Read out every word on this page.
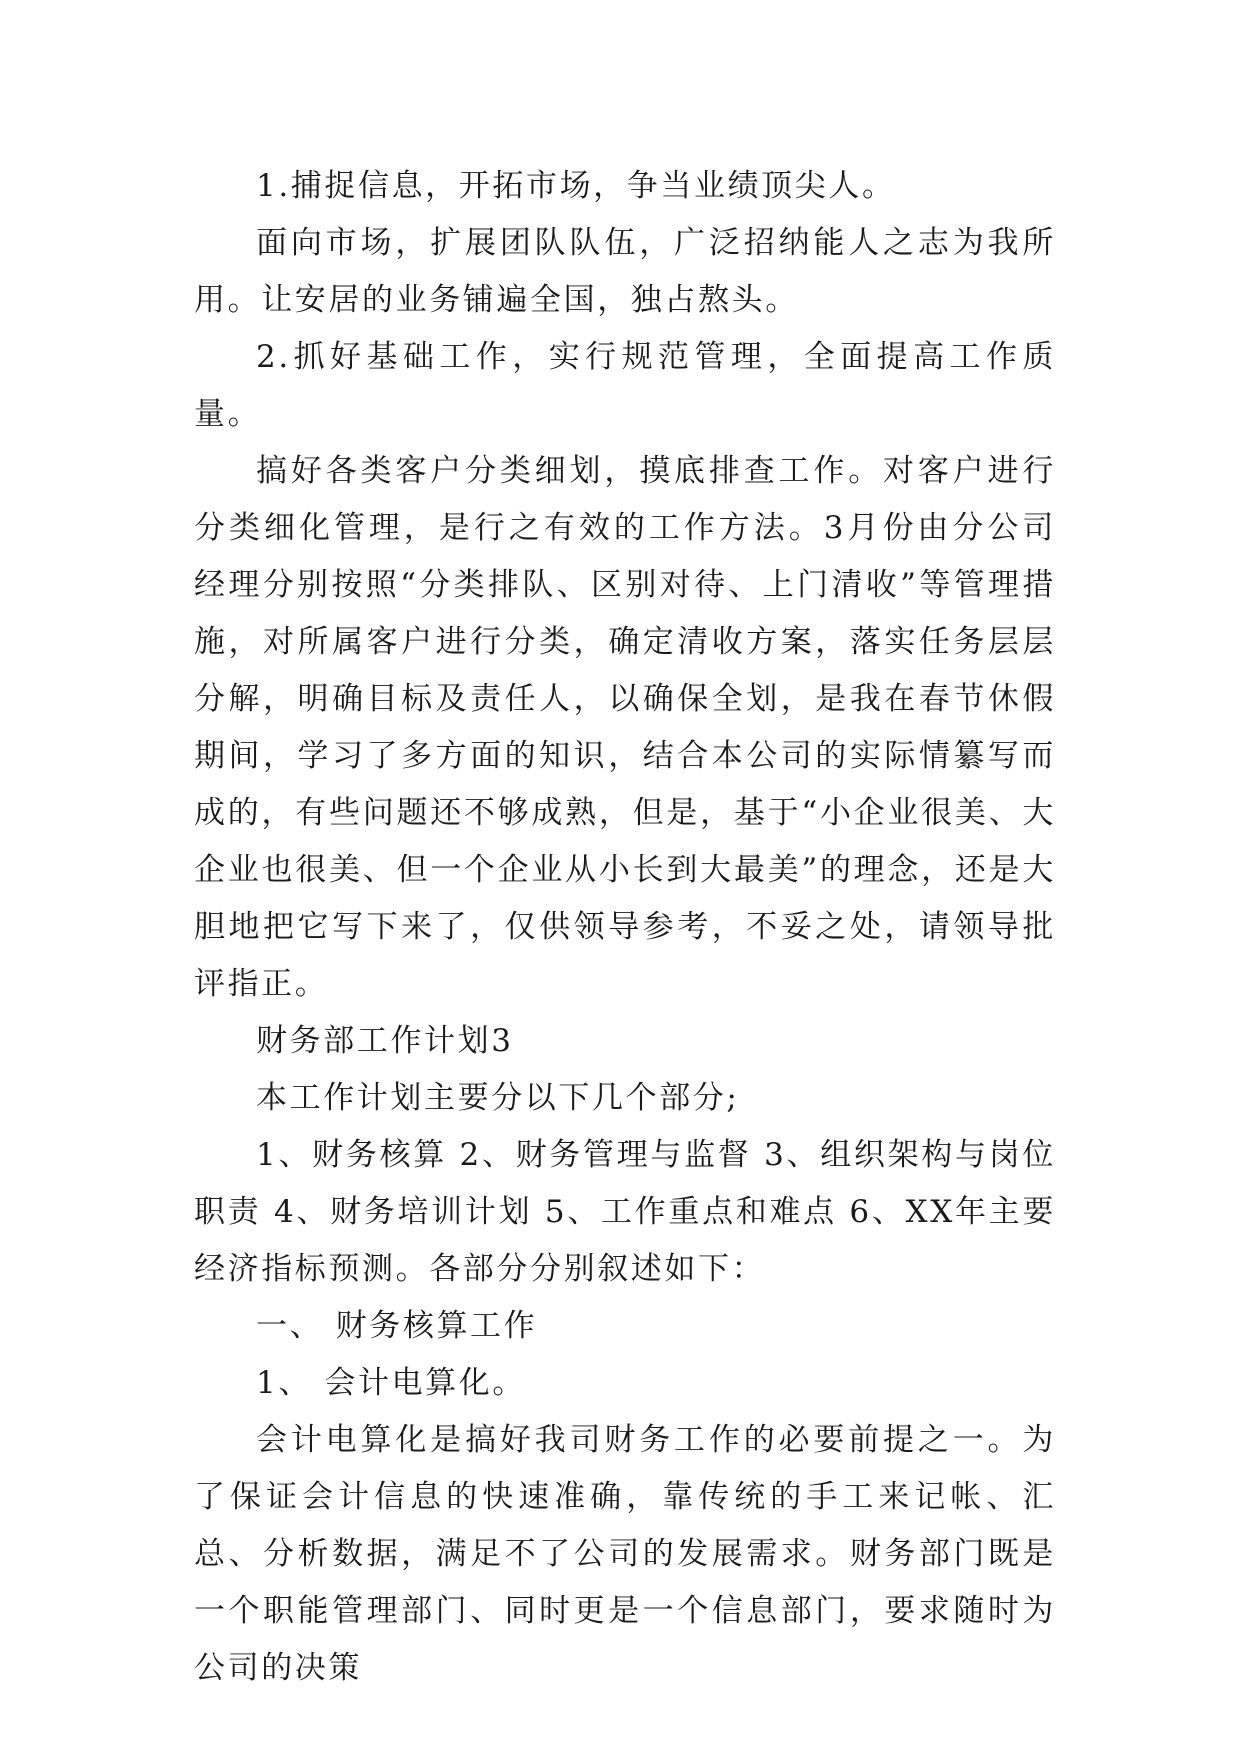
1.捕捉信息，开拓市场，争当业绩顶尖人。

面向市场，扩展团队队伍，广泛招纳能人之志为我所用。让安居的业务铺遍全国，独占熬头。

2.抓好基础工作，实行规范管理，全面提高工作质量。

搞好各类客户分类细划，摸底排查工作。对客户进行分类细化管理，是行之有效的工作方法。3月份由分公司经理分别按照“分类排队、区别对待、上门清收”等管理措施，对所属客户进行分类，确定清收方案，落实任务层层分解，明确目标及责任人，以确保全划，是我在春节休假期间，学习了多方面的知识，结合本公司的实际情纂写而成的，有些问题还不够成熟，但是，基于“小企业很美、大企业也很美、但一个企业从小长到大最美”的理念，还是大胆地把它写下来了，仅供领导参考，不妥之处，请领导批评指正。

财务部工作计划3

本工作计划主要分以下几个部分;

1、财务核算 2、财务管理与监督 3、组织架构与岗位职责 4、财务培训计划 5、工作重点和难点 6、XX年主要经济指标预测。各部分分别叙述如下：

一、 财务核算工作

1、 会计电算化。

会计电算化是搞好我司财务工作的必要前提之一。为了保证会计信息的快速准确，靠传统的手工来记帐、汇总、分析数据，满足不了公司的发展需求。财务部门既是一个职能管理部门、同时更是一个信息部门，要求随时为公司的决策
